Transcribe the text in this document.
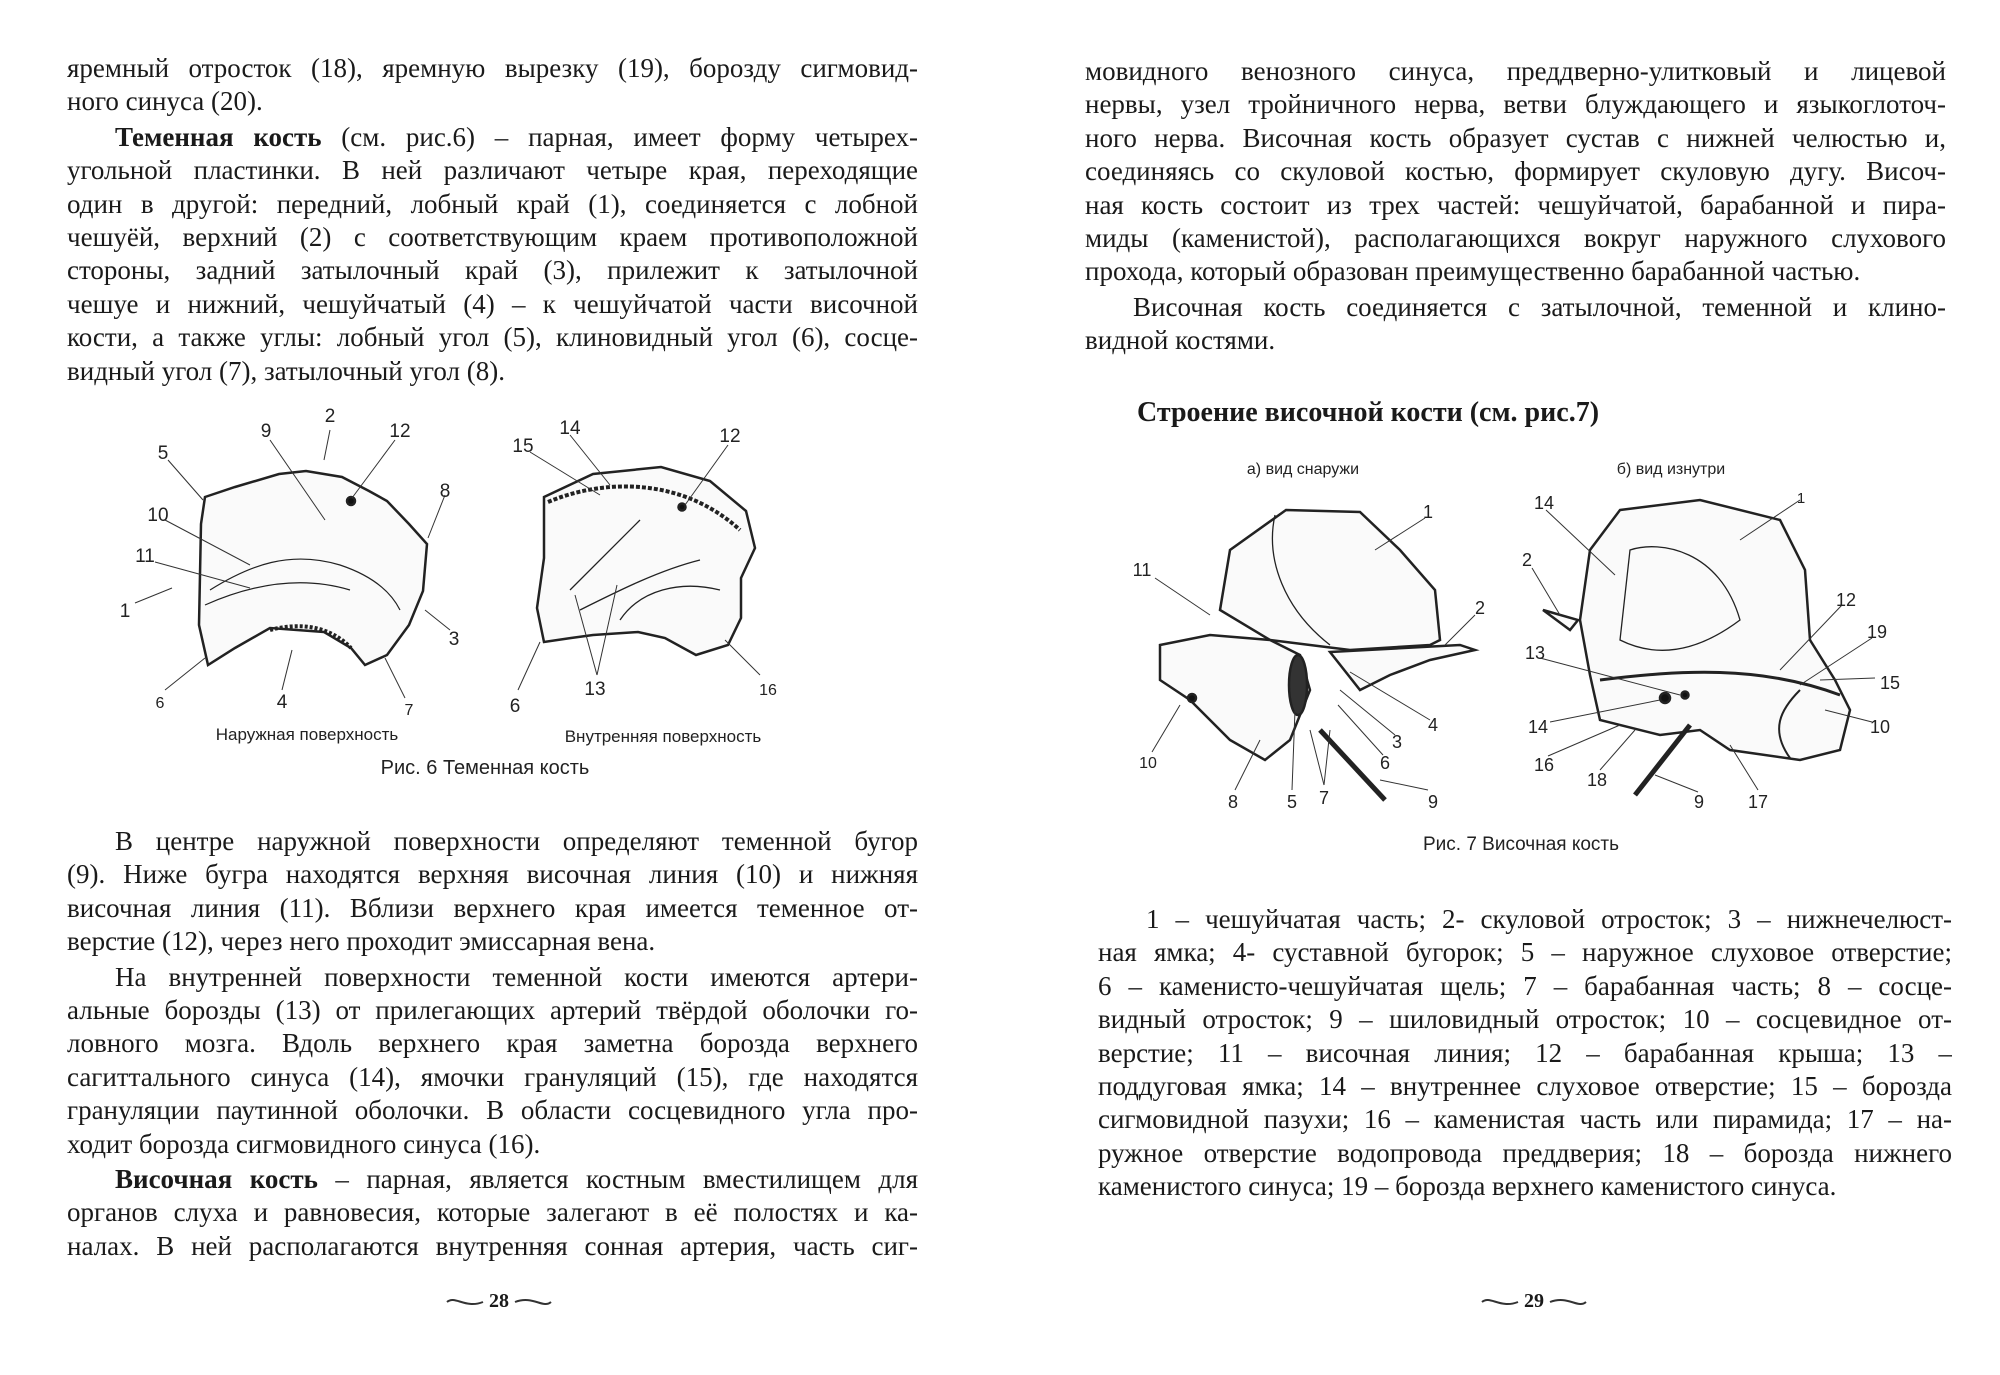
яремный отросток (18), яремную вырезку (19), борозду сигмовид-
ного синуса (20).
Теменная кость (см. рис.6) – парная, имеет форму четырех-
угольной пластинки. В ней различают четыре края, переходящие
один в другой: передний, лобный край (1), соединяется с лобной
чешуёй, верхний (2) с соответствующим краем противоположной
стороны, задний затылочный край (3), прилежит к затылочной
чешуе и нижний, чешуйчатый (4) – к чешуйчатой части височной
кости, а также углы: лобный угол (5), клиновидный угол (6), сосце-
видный угол (7), затылочный угол (8).
2
9	12
5
8
10
11
1
3
6	4	7
14
15	12
13
6
16
Наружная поверхность	Внутренняя поверхность
Рис. 6 Теменная кость
В центре наружной поверхности определяют теменной бугор
(9). Ниже бугра находятся верхняя височная линия (10) и нижняя
височная линия (11). Вблизи верхнего края имеется теменное от-
верстие (12), через него проходит эмиссарная вена.
На внутренней поверхности теменной кости имеются артери-
альные борозды (13) от прилегающих артерий твёрдой оболочки го-
ловного мозга. Вдоль верхнего края заметна борозда верхнего
сагиттального синуса (14), ямочки грануляций (15), где находятся
грануляции паутинной оболочки. В области сосцевидного угла про-
ходит борозда сигмовидного синуса (16).
Височная кость – парная, является костным вместилищем для
органов слуха и равновесия, которые залегают в её полостях и ка-
налах. В ней располагаются внутренняя сонная артерия, часть сиг-
28
мовидного венозного синуса, преддверно-улитковый и лицевой
нервы, узел тройничного нерва, ветви блуждающего и языкоглоточ-
ного нерва. Височная кость образует сустав с нижней челюстью и,
соединяясь со скуловой костью, формирует скуловую дугу. Височ-
ная кость состоит из трех частей: чешуйчатой, барабанной и пира-
миды (каменистой), располагающихся вокруг наружного слухового
прохода, который образован преимущественно барабанной частью.
Височная кость соединяется с затылочной, теменной и клино-
видной костями.
Строение височной кости (см. рис.7)
а) вид снаружи	б) вид изнутри
1
11
2
4
3
6
10
8	5 7	9
14	1
2
12
19
13
15
14	10
16
18
9 17
Рис. 7 Височная кость
1 – чешуйчатая часть; 2- скуловой отросток; 3 – нижнечелюст-
ная ямка; 4- суставной бугорок; 5 – наружное слуховое отверстие;
6 – каменисто-чешуйчатая щель; 7 – барабанная часть; 8 – сосце-
видный отросток; 9 – шиловидный отросток; 10 – сосцевидное от-
верстие; 11 – височная линия; 12 – барабанная крыша; 13 –
поддуговая ямка; 14 – внутреннее слуховое отверстие; 15 – борозда
сигмовидной пазухи; 16 – каменистая часть или пирамида; 17 – на-
ружное отверстие водопровода преддверия; 18 – борозда нижнего
каменистого синуса; 19 – борозда верхнего каменистого синуса.
29
